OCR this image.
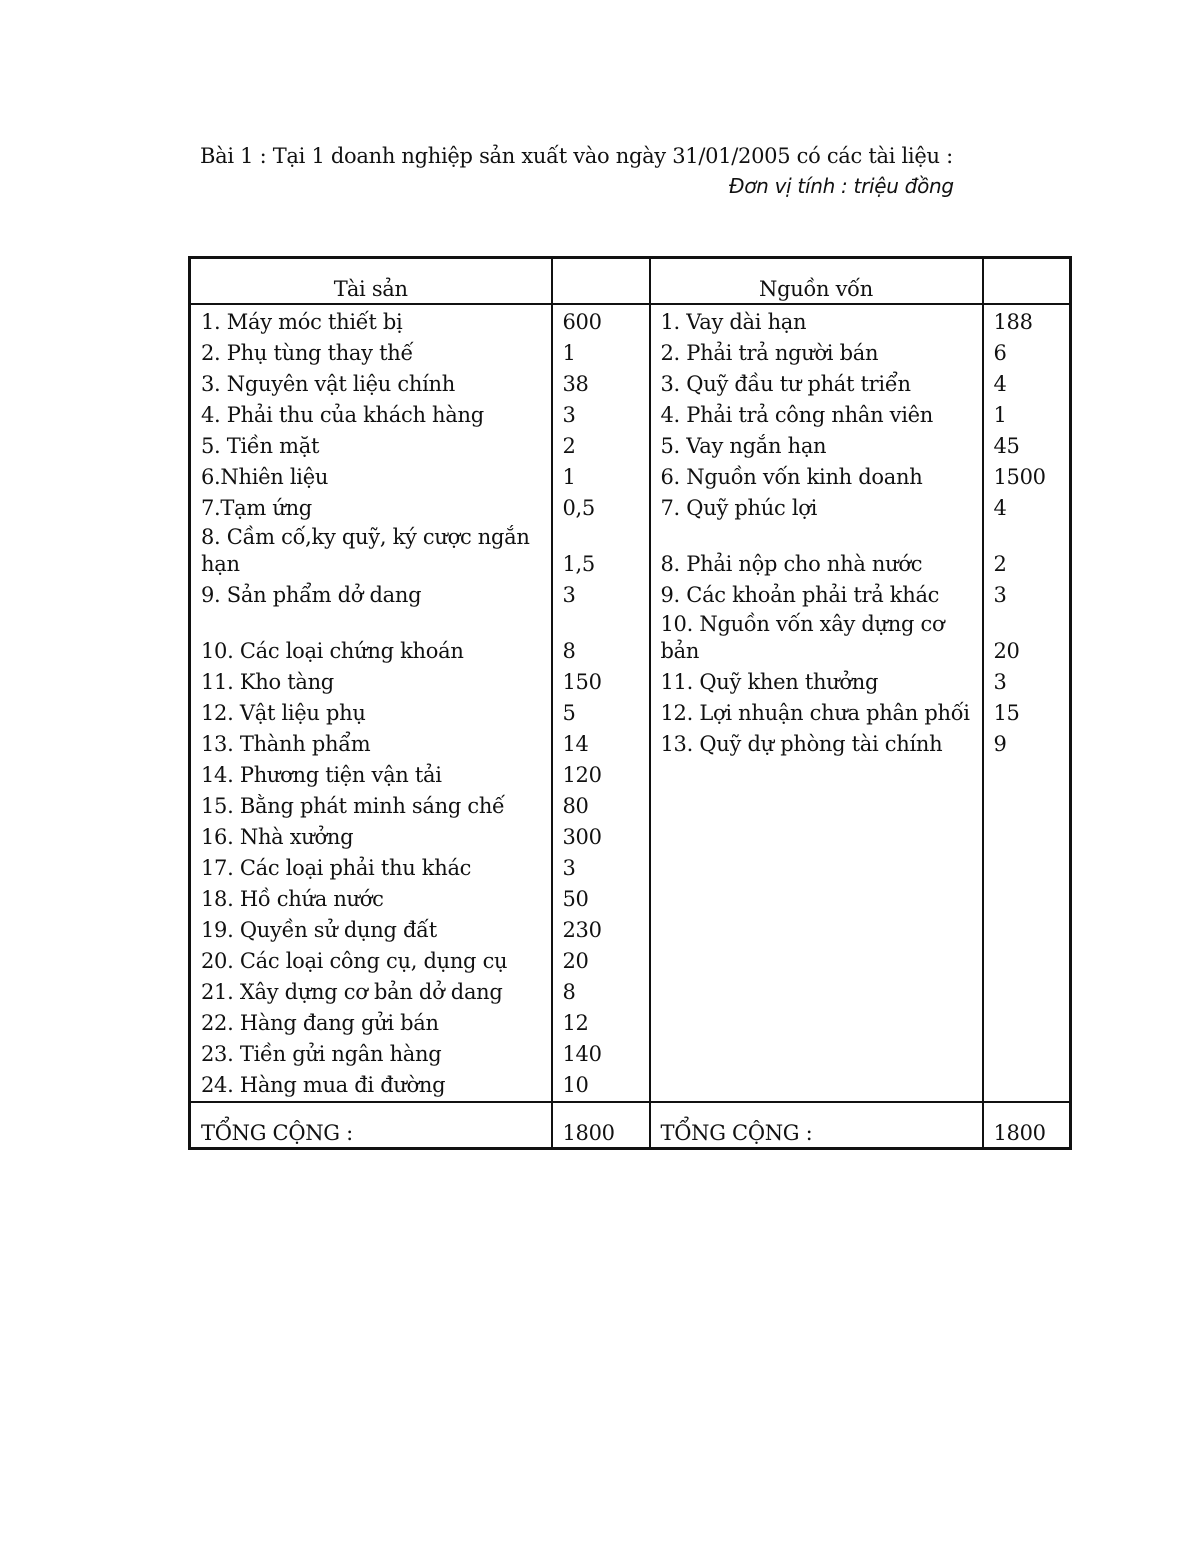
Bài 1 : Tại 1 doanh nghiệp sản xuất vào ngày 31/01/2005 có các tài liệu :
Đơn vị tính : triệu đồng
Tài sản		Nguồn vốn	
1. Máy móc thiết bị	600	1. Vay dài hạn	188
2. Phụ tùng thay thế	1	2. Phải trả người bán	6
3. Nguyên vật liệu chính	38	3. Quỹ đầu tư phát triển	4
4. Phải thu của khách hàng	3	4. Phải trả công nhân viên	1
5. Tiền mặt	2	5. Vay ngắn hạn	45
6.Nhiên liệu	1	6. Nguồn vốn kinh doanh	1500
7.Tạm ứng	0,5	7. Quỹ phúc lợi	4
8. Cầm cố,ky quỹ, ký cược ngắn hạn	1,5	8. Phải nộp cho nhà nước	2
9. Sản phẩm dở dang	3	9. Các khoản phải trả khác	3
10. Các loại chứng khoán	8	10. Nguồn vốn xây dựng cơ bản	20
11. Kho tàng	150	11. Quỹ khen thưởng	3
12. Vật liệu phụ	5	12. Lợi nhuận chưa phân phối	15
13. Thành phẩm	14	13. Quỹ dự phòng tài chính	9
14. Phương tiện vận tải	120		
15. Bằng phát minh sáng chế	80		
16. Nhà xưởng	300		
17. Các loại phải thu khác	3		
18. Hồ chứa nước	50		
19. Quyền sử dụng đất	230		
20. Các loại công cụ, dụng cụ	20		
21. Xây dựng cơ bản dở dang	8		
22. Hàng đang gửi bán	12		
23. Tiền gửi ngân hàng	140		
24. Hàng mua đi đường	10		
TỔNG CỘNG :	1800	TỔNG CỘNG :	1800
